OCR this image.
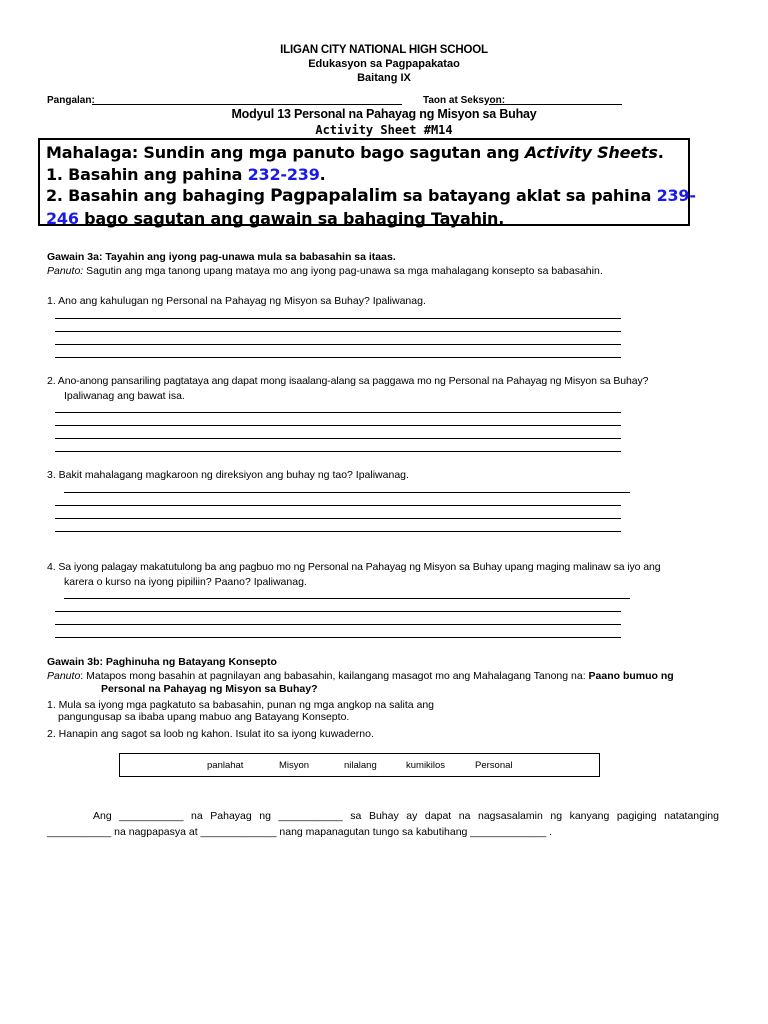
ILIGAN CITY NATIONAL HIGH SCHOOL
Edukasyon sa Pagpapakatao
Baitang IX
Pangalan:	Taon at Seksyon:
Modyul 13 Personal na Pahayag ng Misyon sa Buhay
Activity Sheet #M14
Mahalaga: Sundin ang mga panuto bago sagutan ang Activity Sheets.
1. Basahin ang pahina 232-239.
2. Basahin ang bahaging Pagpapalalim sa batayang aklat sa pahina 239-
246 bago sagutan ang gawain sa bahaging Tayahin.
Gawain 3a: Tayahin ang iyong pag-unawa mula sa babasahin sa itaas.
Panuto: Sagutin ang mga tanong upang mataya mo ang iyong pag-unawa sa mga mahalagang konsepto sa babasahin.
1. Ano ang kahulugan ng Personal na Pahayag ng Misyon sa Buhay? Ipaliwanag.
2. Ano-anong pansariling pagtataya ang dapat mong isaalang-alang sa paggawa mo ng Personal na Pahayag ng Misyon sa Buhay?
Ipaliwanag ang bawat isa.
3. Bakit mahalagang magkaroon ng direksiyon ang buhay ng tao? Ipaliwanag.
4. Sa iyong palagay makatutulong ba ang pagbuo mo ng Personal na Pahayag ng Misyon sa Buhay upang maging malinaw sa iyo ang
karera o kurso na iyong pipiliin? Paano? Ipaliwanag.
Gawain 3b: Paghinuha ng Batayang Konsepto
Panuto: Matapos mong basahin at pagnilayan ang babasahin, kailangang masagot mo ang Mahalagang Tanong na: Paano bumuo ng
Personal na Pahayag ng Misyon sa Buhay?
1. Mula sa iyong mga pagkatuto sa babasahin, punan ng mga angkop na salita ang
pangungusap sa ibaba upang mabuo ang Batayang Konsepto.
2. Hanapin ang sagot sa loob ng kahon. Isulat ito sa iyong kuwaderno.
panlahat	Misyon	nilalang	kumikilos	Personal
Ang ___________ na Pahayag ng ___________ sa Buhay ay dapat na nagsasalamin ng kanyang pagiging natatanging
___________ na nagpapasya at _____________ nang mapanagutan tungo sa kabutihang _____________ .
